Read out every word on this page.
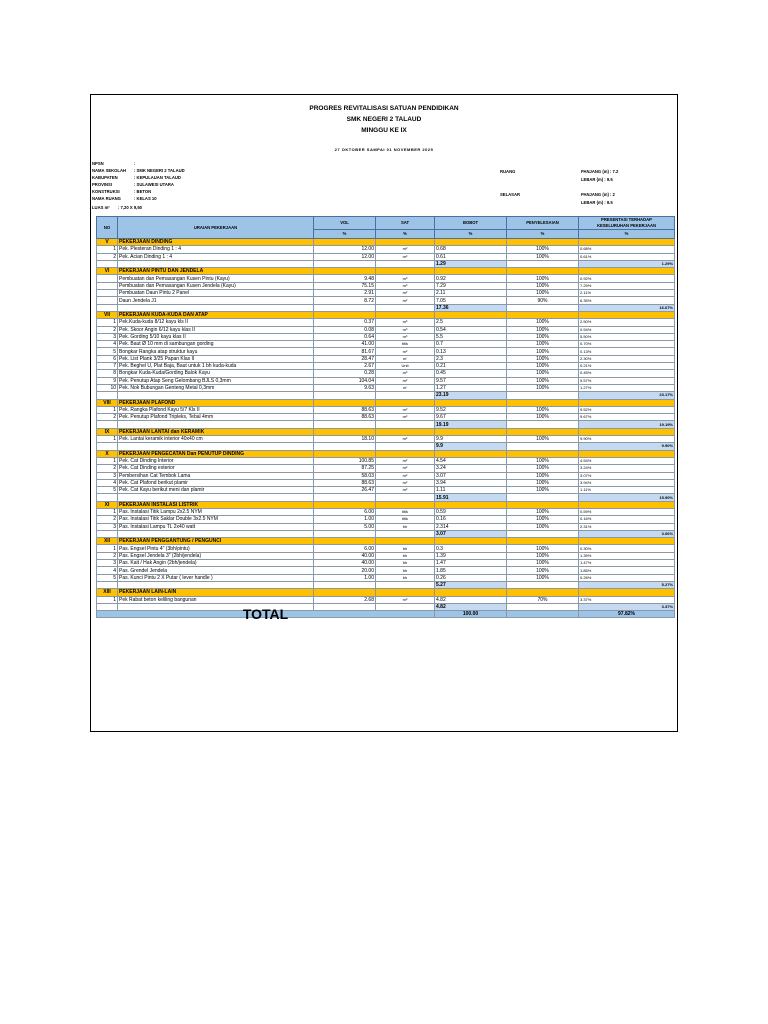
PROGRES REVITALISASI SATUAN PENDIDIKAN
SMK NEGERI 2 TALAUD
MINGGU KE IX
27 OKTOBER SAMPAI 01 NOVEMBER 2025
NPSN	:
NAMA SEKOLAH : SMK NEGERI 2 TALAUD
KABUPATEN	: KEPULAUAN TALAUD
PROVINSI	: SULAWESI UTARA
KONSTRUKSI	: BETON
NAMA RUANG	: KELAS 10
LUAS m² : 7,20 X 9,50
RUANG
SELASAR
PANJANG (m) : 7.2
LEBAR (m) : 9.5
PANJANG (m) : 2
LEBAR (m) : 9.5
NO	URAIAN PEKERJAAN	VOL	SAT	BOBOT	PENYELESAIAN	PRESENTASI TERHADAP
KESELURUHAN PEKERJAAN

		%	%	%	%	%
V	PEKERJAAN DINDING					
1	Pek. Plesteran Dinding 1 : 4	12.00	m²	0.68	100%	0.68%
2	Pek. Acian Dinding 1 : 4	12.00	m²	0.61	100%	0.61%
				1.29		1.29%
VI	PEKERJAAN PINTU DAN JENDELA					
	Pembuatan dan Pemasangan Kusen Pintu (Kayu)	9.48	m³	0.92	100%	0.92%
	Pembuatan dan Pemasangan Kusen Jendela (Kayu)	75.15	m³	7.29	100%	7.29%
	Pembuatan Daun Pintu 2 Panel	2.91	m²	2.11	100%	2.11%
	Daun Jendela J1	8.72	m²	7.05	90%	6.35%
				17.36		16.67%
VII	PEKERJAAN KUDA-KUDA DAN ATAP					
1	Pek.Kuda-kuda 8/12 kayu kls II	0.37	m³	2.5	100%	2.50%
2	Pek. Skoor Angin 6/12 kayu klas II	0.08	m³	0.54	100%	0.54%
3	Pek. Gording 5/10 kayu klas II	0.64	m³	5.5	100%	5.50%
4	Pek. Baut Ø 10 mm di sambungan gording	41.00	titik	0.7	100%	0.70%
5	Bongkar Rangka atap struktur kayu	81.67	m²	0.13	100%	0.13%
6	Pek. List Plank 3/25 Papan Klas II	28.47	m'	2.3	100%	2.30%
7	Pek. Beghel U, Plat Baja, Baut untuk 1 bh kuda-kuda	2.67	Unit	0.21	100%	0.21%
8	Bongkar Kuda-Kuda/Gording Balok Kayu	0.28	m³	0.45	100%	0.45%
9	Pek. Penutup Atap Seng Gelombang BJLS 0,3mm	104.04	m²	9.57	100%	9.57%
10	Pek. Nok Bubungan Genteng Metal 0,3mm	9.63	m'	1.27	100%	1.27%
				23.19		23.17%
VIII	PEKERJAAN PLAFOND					
1	Pek. Rangka Plafond Kayu 5/7 Kls II	88.63	m²	9.52	100%	9.52%
2	Pek. Penutup Plafond Tripleks, Tebal 4mm	88.63	m²	9.67	100%	9.67%
				19.19		19.19%
IX	PEKERJAAN LANTAI dan KERAMIK					
1	Pek. Lantai keramik interior 40x40 cm	18.10	m²	9.9	100%	9.90%
				9.9		9.90%
X	PEKERJAAN PENGECATAN Dan PENUTUP DINDING					
1	Pek. Cat Dinding Interior	100.85	m²	4.54	100%	4.54%
2	Pek. Cat Dinding exterior	87.25	m²	3.24	100%	3.24%
3	Pembersihan Cat Tembok Lama	58.03	m²	3.07	100%	3.07%
4	Pek. Cat Plafond berikut plamir	88.63	m²	3.94	100%	3.94%
5	Pek. Cat Kayu berikut meni dan plamir	26.47	m²	1.11	100%	1.11%
				15.91		15.90%
XI	PEKERJAAN INSTALASI LISTRIK					
1	Pas. Instalasi Titik Lampu 2x2.5 NYM	6.00	titik	0.59	100%	0.59%
2	Pas. Instalasi Titik Saklar Double 3x2.5 NYM	1.00	titik	0.16	100%	0.16%
3	Pas. Instalasi Lampu TL 2x40 watt	5.00	bh	2.314	100%	2.31%
				3.07		3.06%
XII	PEKERJAAN PENGGANTUNG / PENGUNCI					
1	Pas. Engsel Pintu 4" (3bh/pintu)	6.00	bh	0.3	100%	0.30%
2	Pas. Engsel Jendela 3" (2bh/jendela)	40.00	bh	1.39	100%	1.39%
3	Pas. Kait / Hak Angin (2bh/jendela)	40.00	bh	1.47	100%	1.47%
4	Pas. Grendel Jendela	20.00	bh	1.85	100%	1.85%
5	Pas. Kunci Pintu 2 X Putar ( lever handle )	1.00	bh	0.26	100%	0.26%
				5.27		5.27%
XIII	PEKERJAAN LAIN-LAIN					
1	Pek Rabat beton keliling bangunan	2.68	m³	4.82	70%	3.37%
				4.82		3.37%
TOTAL				100.00		97.82%
